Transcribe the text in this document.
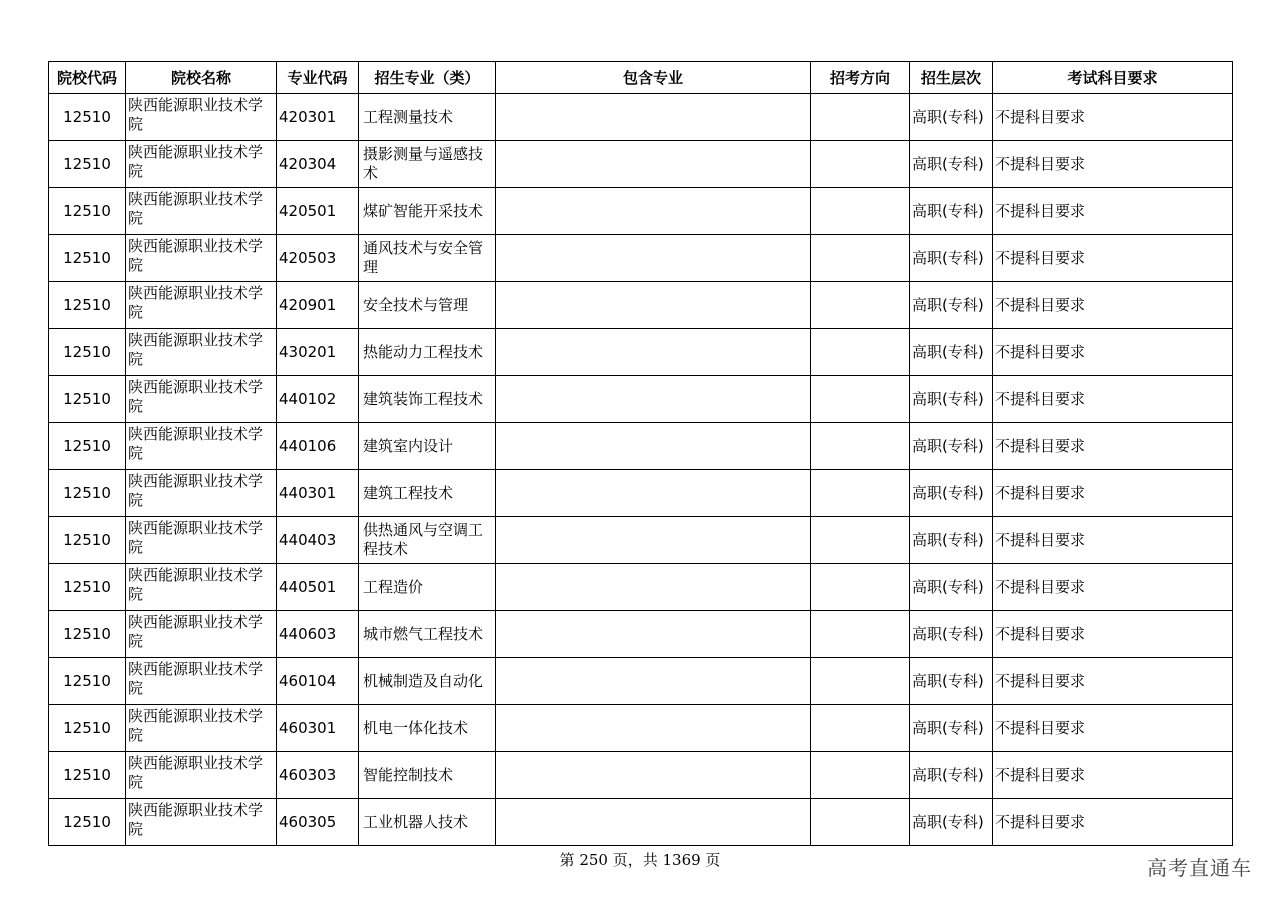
院校代码	院校名称	专业代码	招生专业（类）	包含专业	招考方向	招生层次	考试科目要求
12510	陕西能源职业技术学院	420301	工程测量技术			高职(专科)	不提科目要求
12510	陕西能源职业技术学院	420304	摄影测量与遥感技术			高职(专科)	不提科目要求
12510	陕西能源职业技术学院	420501	煤矿智能开采技术			高职(专科)	不提科目要求
12510	陕西能源职业技术学院	420503	通风技术与安全管理			高职(专科)	不提科目要求
12510	陕西能源职业技术学院	420901	安全技术与管理			高职(专科)	不提科目要求
12510	陕西能源职业技术学院	430201	热能动力工程技术			高职(专科)	不提科目要求
12510	陕西能源职业技术学院	440102	建筑装饰工程技术			高职(专科)	不提科目要求
12510	陕西能源职业技术学院	440106	建筑室内设计			高职(专科)	不提科目要求
12510	陕西能源职业技术学院	440301	建筑工程技术			高职(专科)	不提科目要求
12510	陕西能源职业技术学院	440403	供热通风与空调工程技术			高职(专科)	不提科目要求
12510	陕西能源职业技术学院	440501	工程造价			高职(专科)	不提科目要求
12510	陕西能源职业技术学院	440603	城市燃气工程技术			高职(专科)	不提科目要求
12510	陕西能源职业技术学院	460104	机械制造及自动化			高职(专科)	不提科目要求
12510	陕西能源职业技术学院	460301	机电一体化技术			高职(专科)	不提科目要求
12510	陕西能源职业技术学院	460303	智能控制技术			高职(专科)	不提科目要求
12510	陕西能源职业技术学院	460305	工业机器人技术			高职(专科)	不提科目要求
第 250 页，共 1369 页	高考直通车
